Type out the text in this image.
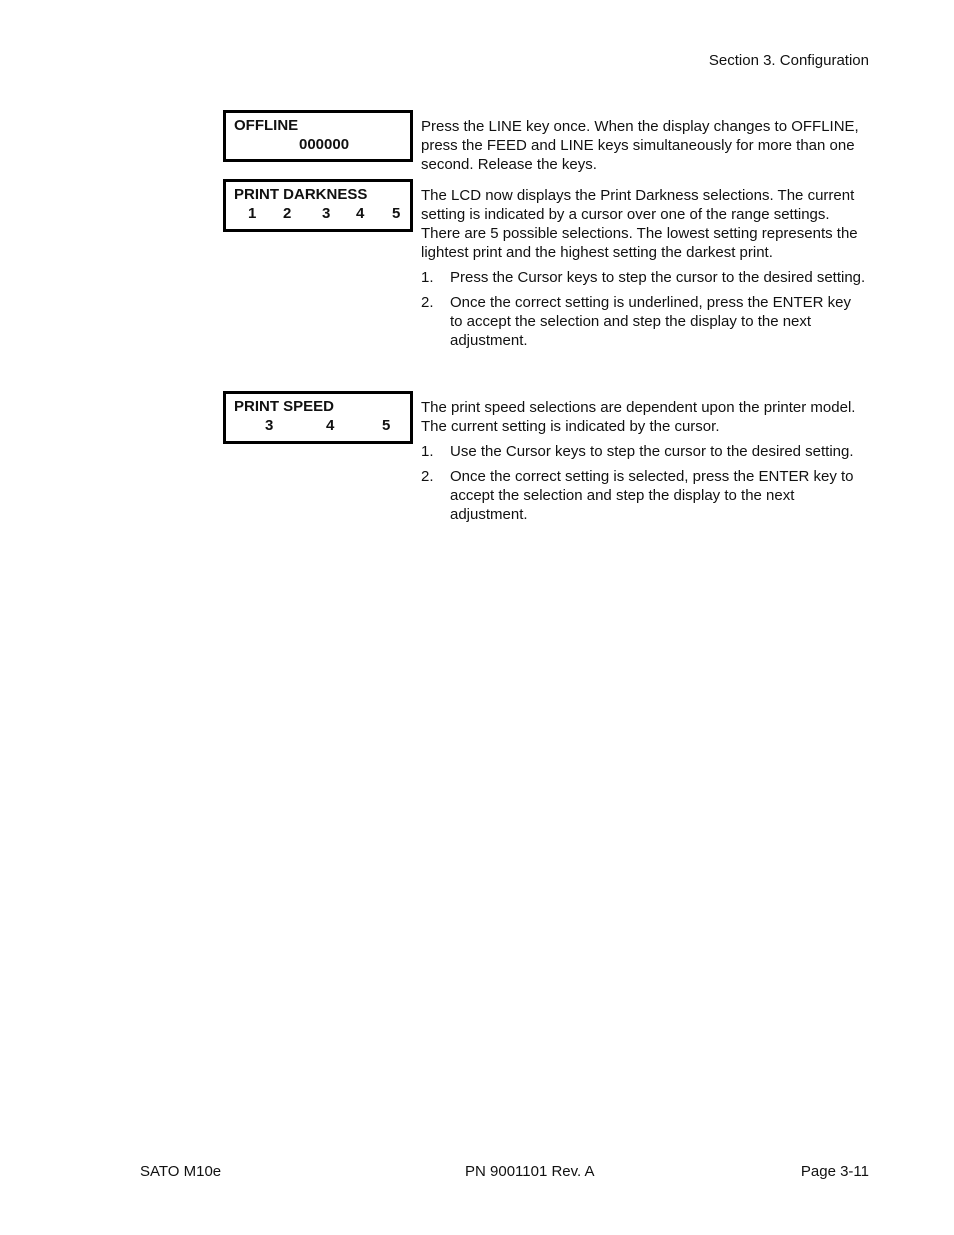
Section 3. Configuration
OFFLINE
000000

Press the LINE key once. When the display changes to OFFLINE, press the FEED and LINE keys simultaneously for more than one second. Release the keys.

PRINT DARKNESS
1 2 3 4 5

The LCD now displays the Print Darkness selections. The current setting is indicated by a cursor over one of the range settings. There are 5 possible selections. The lowest setting represents the lightest print and the highest setting the darkest print.

1. Press the Cursor keys to step the cursor to the desired setting.
2. Once the correct setting is underlined, press the ENTER key to accept the selection and step the display to the next adjustment.
PRINT SPEED
3	4	5

The print speed selections are dependent upon the printer model. The current setting is indicated by the cursor.

1. Use the Cursor keys to step the cursor to the desired setting.
2. Once the correct setting is selected, press the ENTER key to accept the selection and step the display to the next adjustment.
SATO M10e	PN 9001101 Rev. A	Page 3-11
